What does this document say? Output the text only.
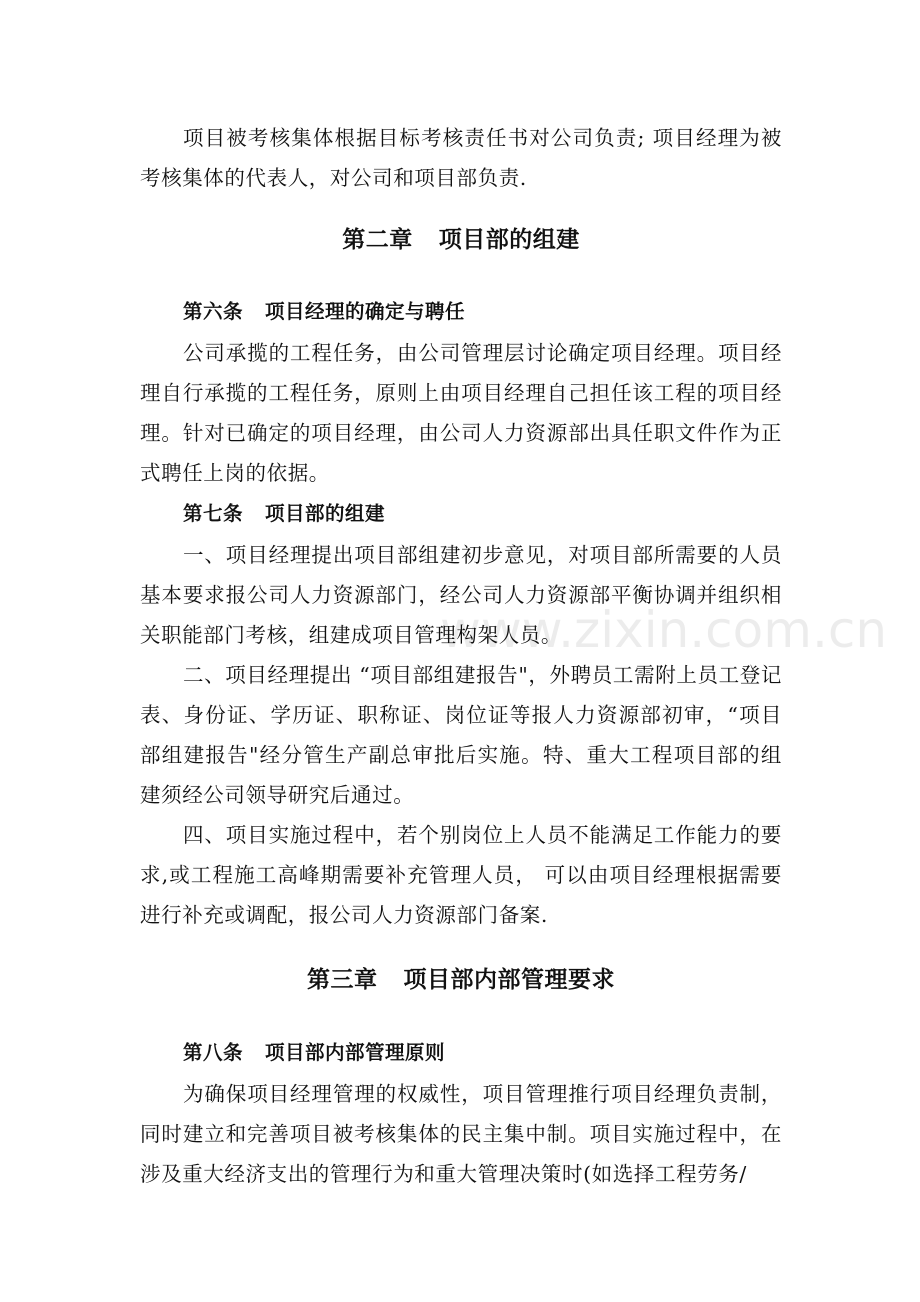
项目被考核集体根据目标考核责任书对公司负责; 项目经理为被考核集体的代表人，对公司和项目部负责.

第二章 项目部的组建
第六条 项目经理的确定与聘任

公司承揽的工程任务，由公司管理层讨论确定项目经理。项目经理自行承揽的工程任务，原则上由项目经理自己担任该工程的项目经理。针对已确定的项目经理，由公司人力资源部出具任职文件作为正式聘任上岗的依据。

第七条 项目部的组建

一、项目经理提出项目部组建初步意见，对项目部所需要的人员基本要求报公司人力资源部门，经公司人力资源部平衡协调并组织相关职能部门考核，组建成项目管理构架人员。

二、项目经理提出 “项目部组建报告"，外聘员工需附上员工登记表、身份证、学历证、职称证、岗位证等报人力资源部初审，“项目部组建报告"经分管生产副总审批后实施。特、重大工程项目部的组建须经公司领导研究后通过。

四、项目实施过程中，若个别岗位上人员不能满足工作能力的要求,或工程施工高峰期需要补充管理人员， 可以由项目经理根据需要进行补充或调配，报公司人力资源部门备案.

第三章 项目部内部管理要求
第八条 项目部内部管理原则

为确保项目经理管理的权威性，项目管理推行项目经理负责制，同时建立和完善项目被考核集体的民主集中制。项目实施过程中，在涉及重大经济支出的管理行为和重大管理决策时(如选择工程劳务/

www.zixin.com.cn
